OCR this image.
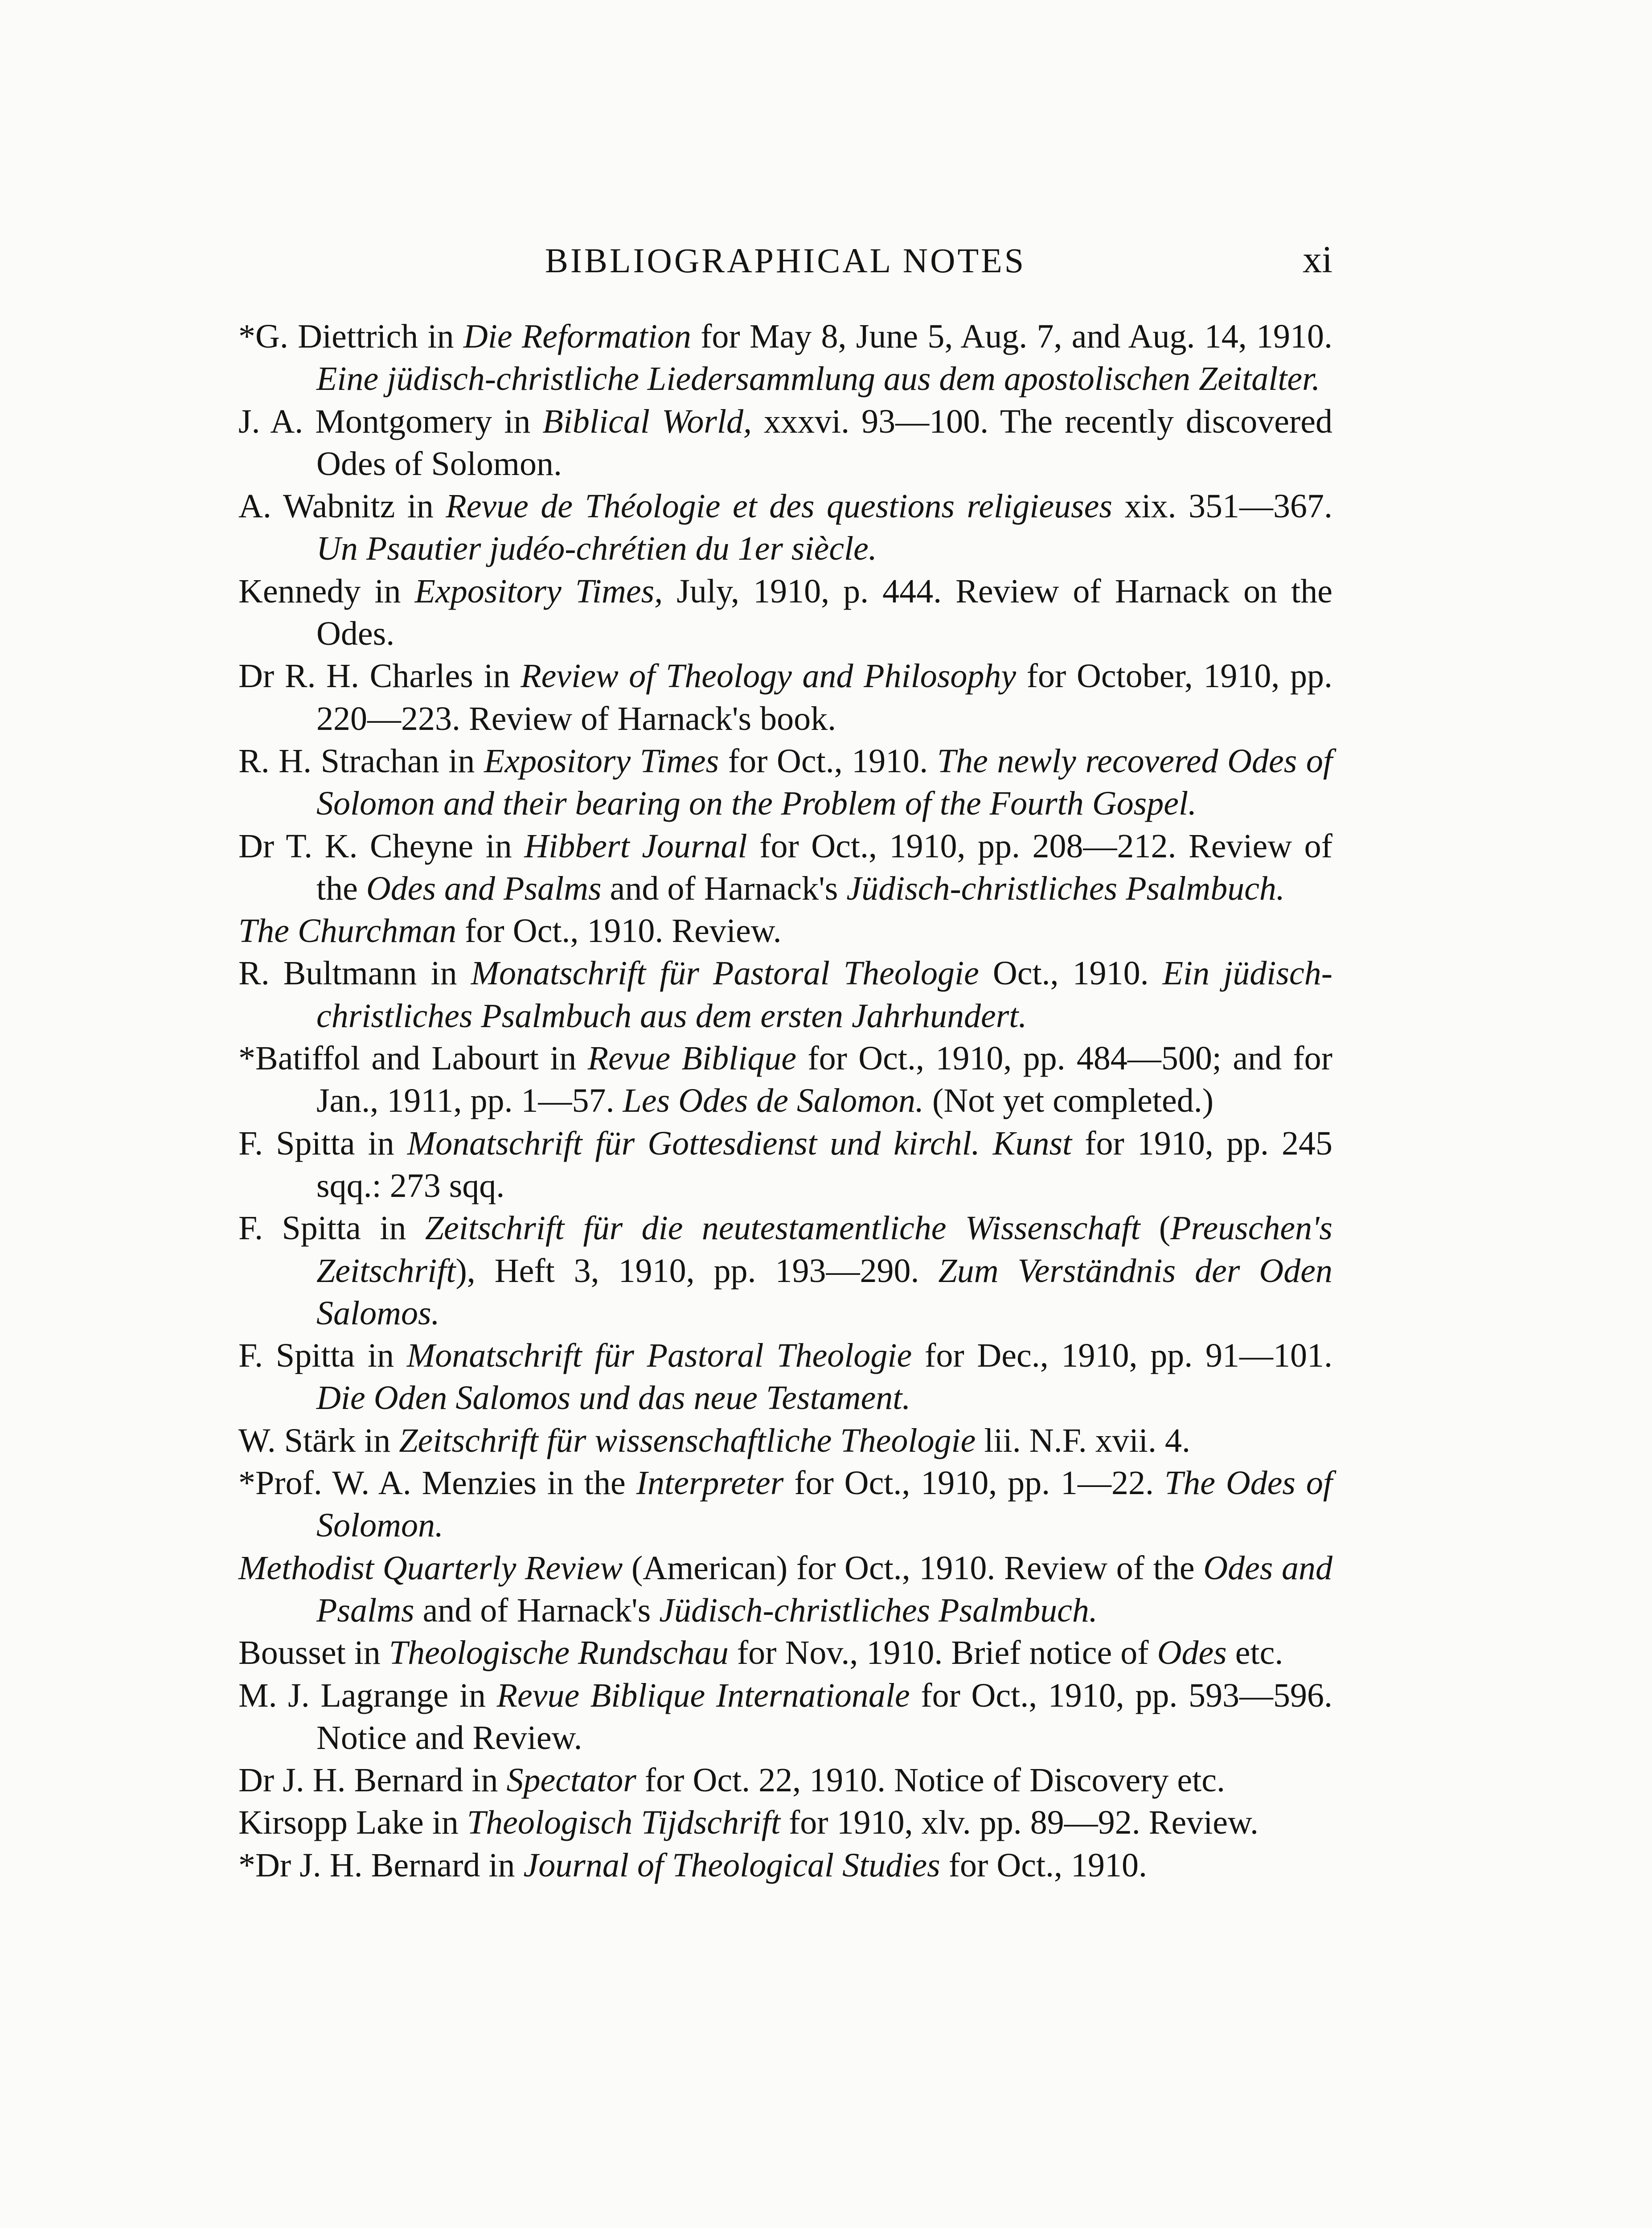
BIBLIOGRAPHICAL NOTES	xi
*G. Diettrich in Die Reformation for May 8, June 5, Aug. 7, and Aug. 14, 1910. Eine jüdisch-christliche Liedersammlung aus dem apostolischen Zeitalter.
J. A. Montgomery in Biblical World, xxxvi. 93—100. The recently discovered Odes of Solomon.
A. Wabnitz in Revue de Théologie et des questions religieuses xix. 351—367. Un Psautier judéo-chrétien du 1er siècle.
Kennedy in Expository Times, July, 1910, p. 444. Review of Harnack on the Odes.
Dr R. H. Charles in Review of Theology and Philosophy for October, 1910, pp. 220—223. Review of Harnack's book.
R. H. Strachan in Expository Times for Oct., 1910. The newly recovered Odes of Solomon and their bearing on the Problem of the Fourth Gospel.
Dr T. K. Cheyne in Hibbert Journal for Oct., 1910, pp. 208—212. Review of the Odes and Psalms and of Harnack's Jüdisch-christliches Psalmbuch.
The Churchman for Oct., 1910. Review.
R. Bultmann in Monatschrift für Pastoral Theologie Oct., 1910. Ein jüdisch-christliches Psalmbuch aus dem ersten Jahrhundert.
*Batiffol and Labourt in Revue Biblique for Oct., 1910, pp. 484—500; and for Jan., 1911, pp. 1—57. Les Odes de Salomon. (Not yet completed.)
F. Spitta in Monatschrift für Gottesdienst und kirchl. Kunst for 1910, pp. 245 sqq.: 273 sqq.
F. Spitta in Zeitschrift für die neutestamentliche Wissenschaft (Preuschen's Zeitschrift), Heft 3, 1910, pp. 193—290. Zum Verständnis der Oden Salomos.
F. Spitta in Monatschrift für Pastoral Theologie for Dec., 1910, pp. 91—101. Die Oden Salomos und das neue Testament.
W. Stärk in Zeitschrift für wissenschaftliche Theologie lii. N.F. xvii. 4.
*Prof. W. A. Menzies in the Interpreter for Oct., 1910, pp. 1—22. The Odes of Solomon.
Methodist Quarterly Review (American) for Oct., 1910. Review of the Odes and Psalms and of Harnack's Jüdisch-christliches Psalmbuch.
Bousset in Theologische Rundschau for Nov., 1910. Brief notice of Odes etc.
M. J. Lagrange in Revue Biblique Internationale for Oct., 1910, pp. 593—596. Notice and Review.
Dr J. H. Bernard in Spectator for Oct. 22, 1910. Notice of Discovery etc.
Kirsopp Lake in Theologisch Tijdschrift for 1910, xlv. pp. 89—92. Review.
*Dr J. H. Bernard in Journal of Theological Studies for Oct., 1910.
